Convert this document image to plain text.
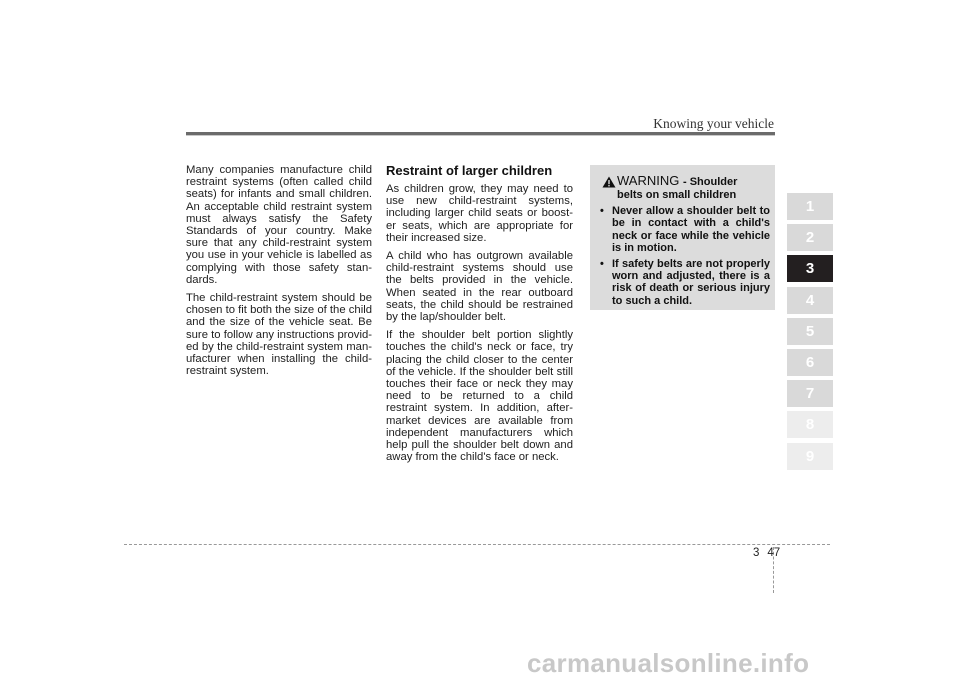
Knowing your vehicle

Many companies manufacture child restraint systems (often called child seats) for infants and small children. An acceptable child restraint system must always satisfy the Safety Standards of your country. Make sure that any child-restraint system you use in your vehicle is labelled as complying with those safety stan-dards.

The child-restraint system should be chosen to fit both the size of the child and the size of the vehicle seat. Be sure to follow any instructions provid-ed by the child-restraint system man-ufacturer when installing the child-restraint system.

Restraint of larger children

As children grow, they may need to use new child-restraint systems, including larger child seats or boost-er seats, which are appropriate for their increased size.

A child who has outgrown available child-restraint systems should use the belts provided in the vehicle. When seated in the rear outboard seats, the child should be restrained by the lap/shoulder belt.

If the shoulder belt portion slightly touches the child's neck or face, try placing the child closer to the center of the vehicle. If the shoulder belt still touches their face or neck they may need to be returned to a child restraint system. In addition, after-market devices are available from independent manufacturers which help pull the shoulder belt down and away from the child's face or neck.

WARNING - Shoulder
belts on small children
• Never allow a shoulder belt to be in contact with a child's neck or face while the vehicle is in motion.
• If safety belts are not properly worn and adjusted, there is a risk of death or serious injury to such a child.
1
2
3
4
5
6
7
8
9
3 47
carmanualsonline.info
